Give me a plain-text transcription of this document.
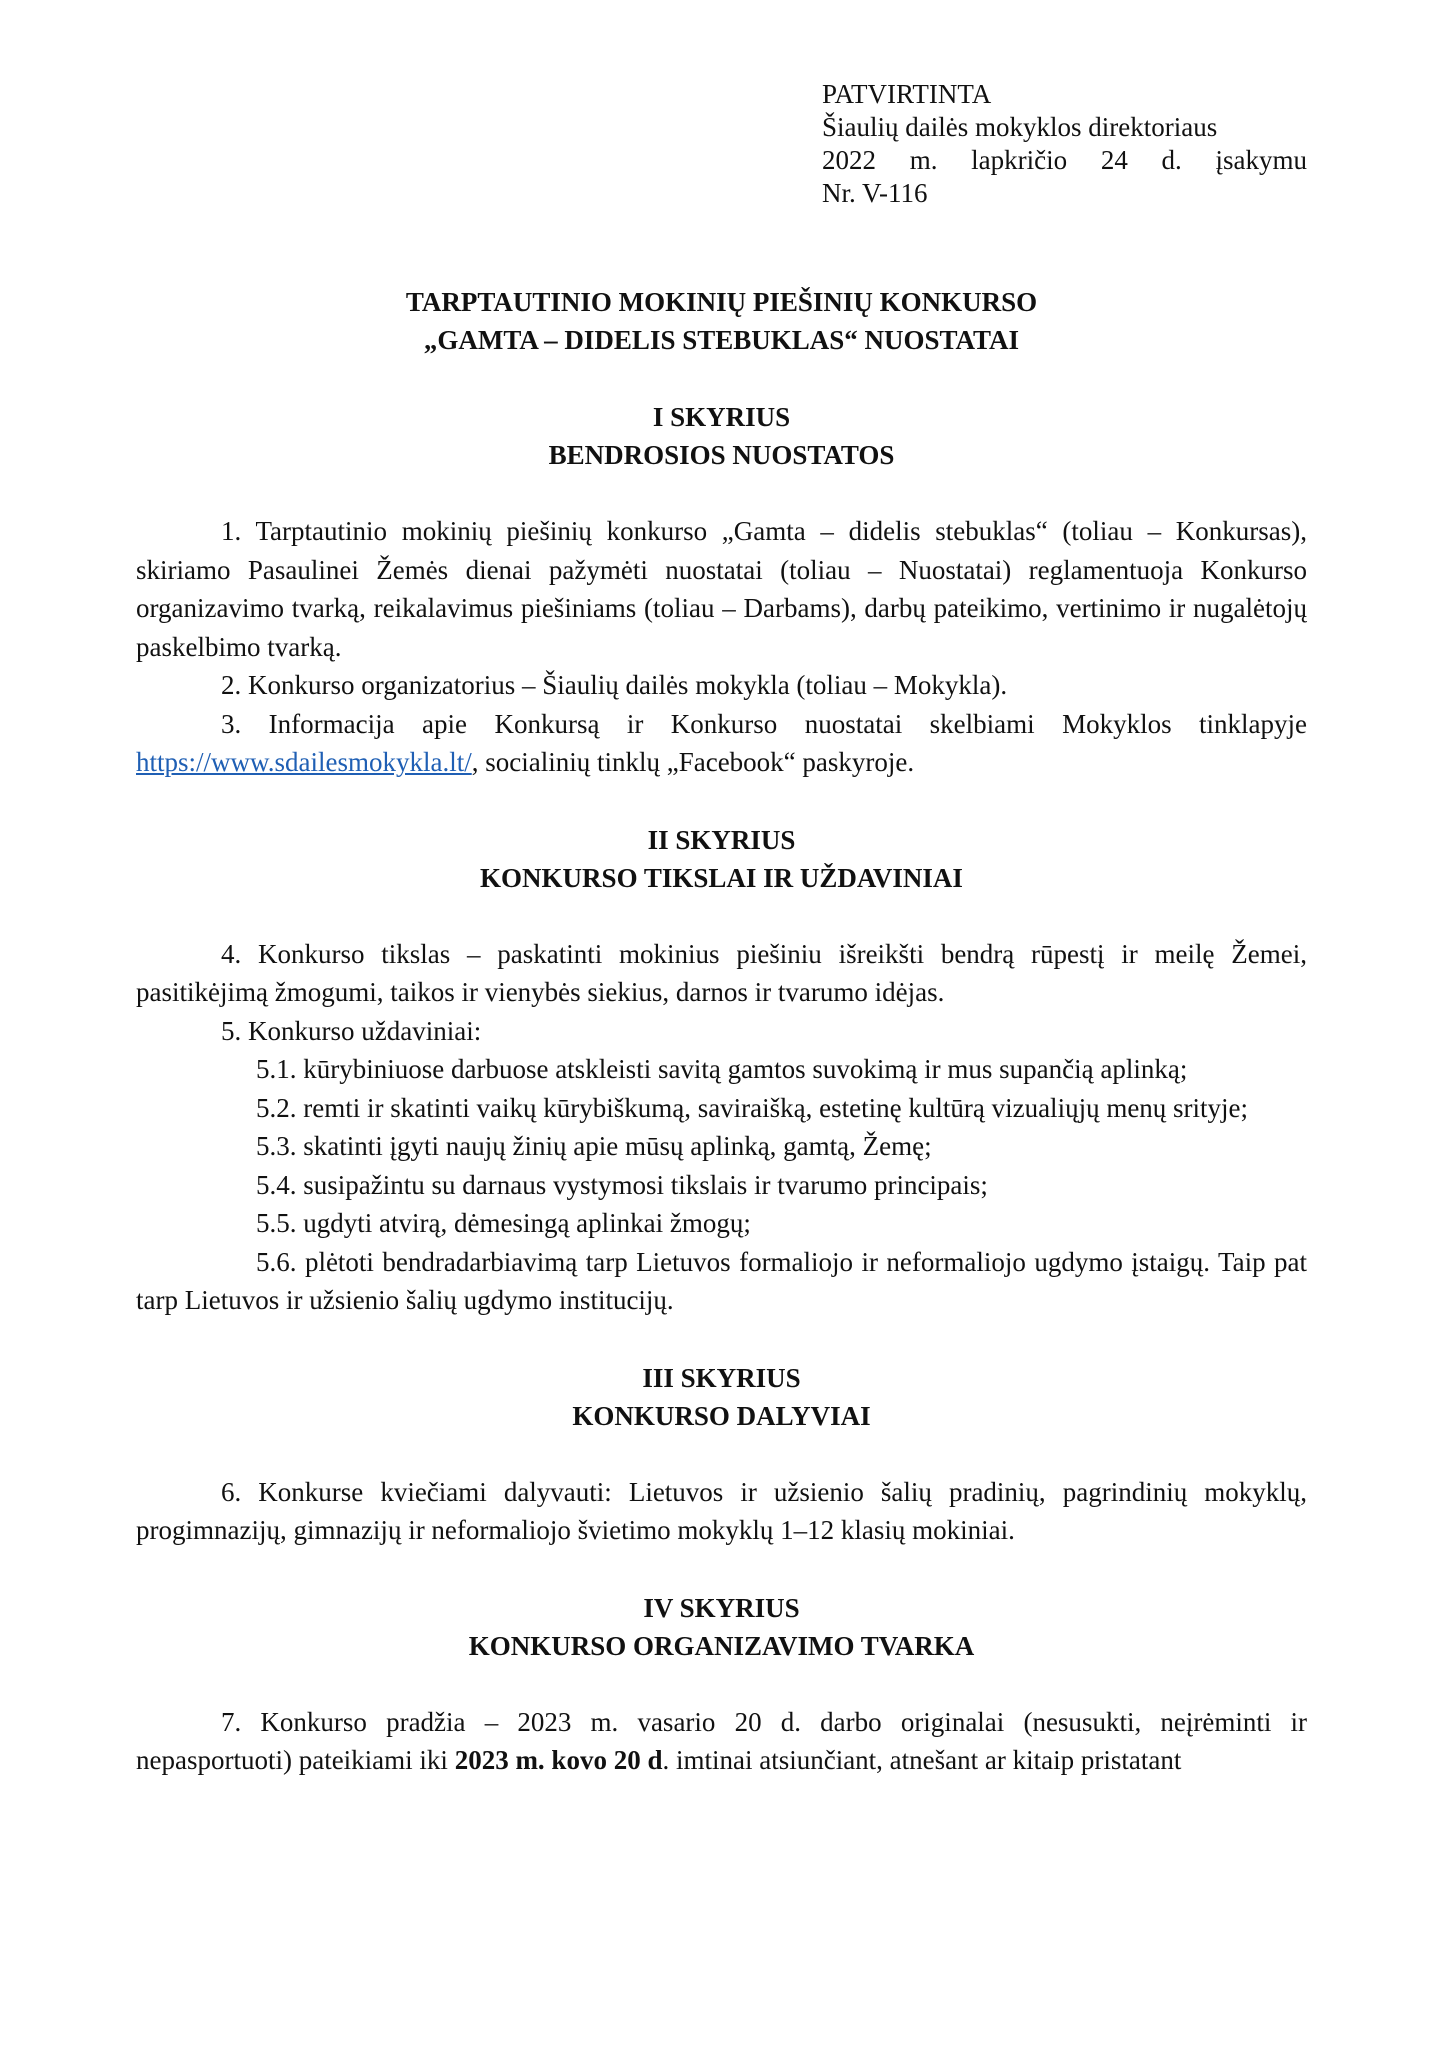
PATVIRTINTA
Šiaulių dailės mokyklos direktoriaus
2022 m. lapkričio 24 d. įsakymu
Nr. V-116
TARPTAUTINIO MOKINIŲ PIEŠINIŲ KONKURSO
„GAMTA – DIDELIS STEBUKLAS“ NUOSTATAI
I SKYRIUS
BENDROSIOS NUOSTATOS

1. Tarptautinio mokinių piešinių konkurso „Gamta – didelis stebuklas“ (toliau – Konkursas), skiriamo Pasaulinei Žemės dienai pažymėti nuostatai (toliau – Nuostatai) reglamentuoja Konkurso organizavimo tvarką, reikalavimus piešiniams (toliau – Darbams), darbų pateikimo, vertinimo ir nugalėtojų paskelbimo tvarką.

2. Konkurso organizatorius – Šiaulių dailės mokykla (toliau – Mokykla).

3. Informacija apie Konkursą ir Konkurso nuostatai skelbiami Mokyklos tinklapyje https://www.sdailesmokykla.lt/, socialinių tinklų „Facebook“ paskyroje.

II SKYRIUS
KONKURSO TIKSLAI IR UŽDAVINIAI

4. Konkurso tikslas – paskatinti mokinius piešiniu išreikšti bendrą rūpestį ir meilę Žemei, pasitikėjimą žmogumi, taikos ir vienybės siekius, darnos ir tvarumo idėjas.

5. Konkurso uždaviniai:

5.1. kūrybiniuose darbuose atskleisti savitą gamtos suvokimą ir mus supančią aplinką;

5.2. remti ir skatinti vaikų kūrybiškumą, saviraišką, estetinę kultūrą vizualiųjų menų srityje;

5.3. skatinti įgyti naujų žinių apie mūsų aplinką, gamtą, Žemę;

5.4. susipažintu su darnaus vystymosi tikslais ir tvarumo principais;

5.5. ugdyti atvirą, dėmesingą aplinkai žmogų;

5.6. plėtoti bendradarbiavimą tarp Lietuvos formaliojo ir neformaliojo ugdymo įstaigų. Taip pat tarp Lietuvos ir užsienio šalių ugdymo institucijų.

III SKYRIUS
KONKURSO DALYVIAI

6. Konkurse kviečiami dalyvauti: Lietuvos ir užsienio šalių pradinių, pagrindinių mokyklų, progimnazijų, gimnazijų ir neformaliojo švietimo mokyklų 1–12 klasių mokiniai.

IV SKYRIUS
KONKURSO ORGANIZAVIMO TVARKA

7. Konkurso pradžia – 2023 m. vasario 20 d. darbo originalai (nesusukti, neįrėminti ir nepasportuoti) pateikiami iki 2023 m. kovo 20 d. imtinai atsiunčiant, atnešant ar kitaip pristatant
